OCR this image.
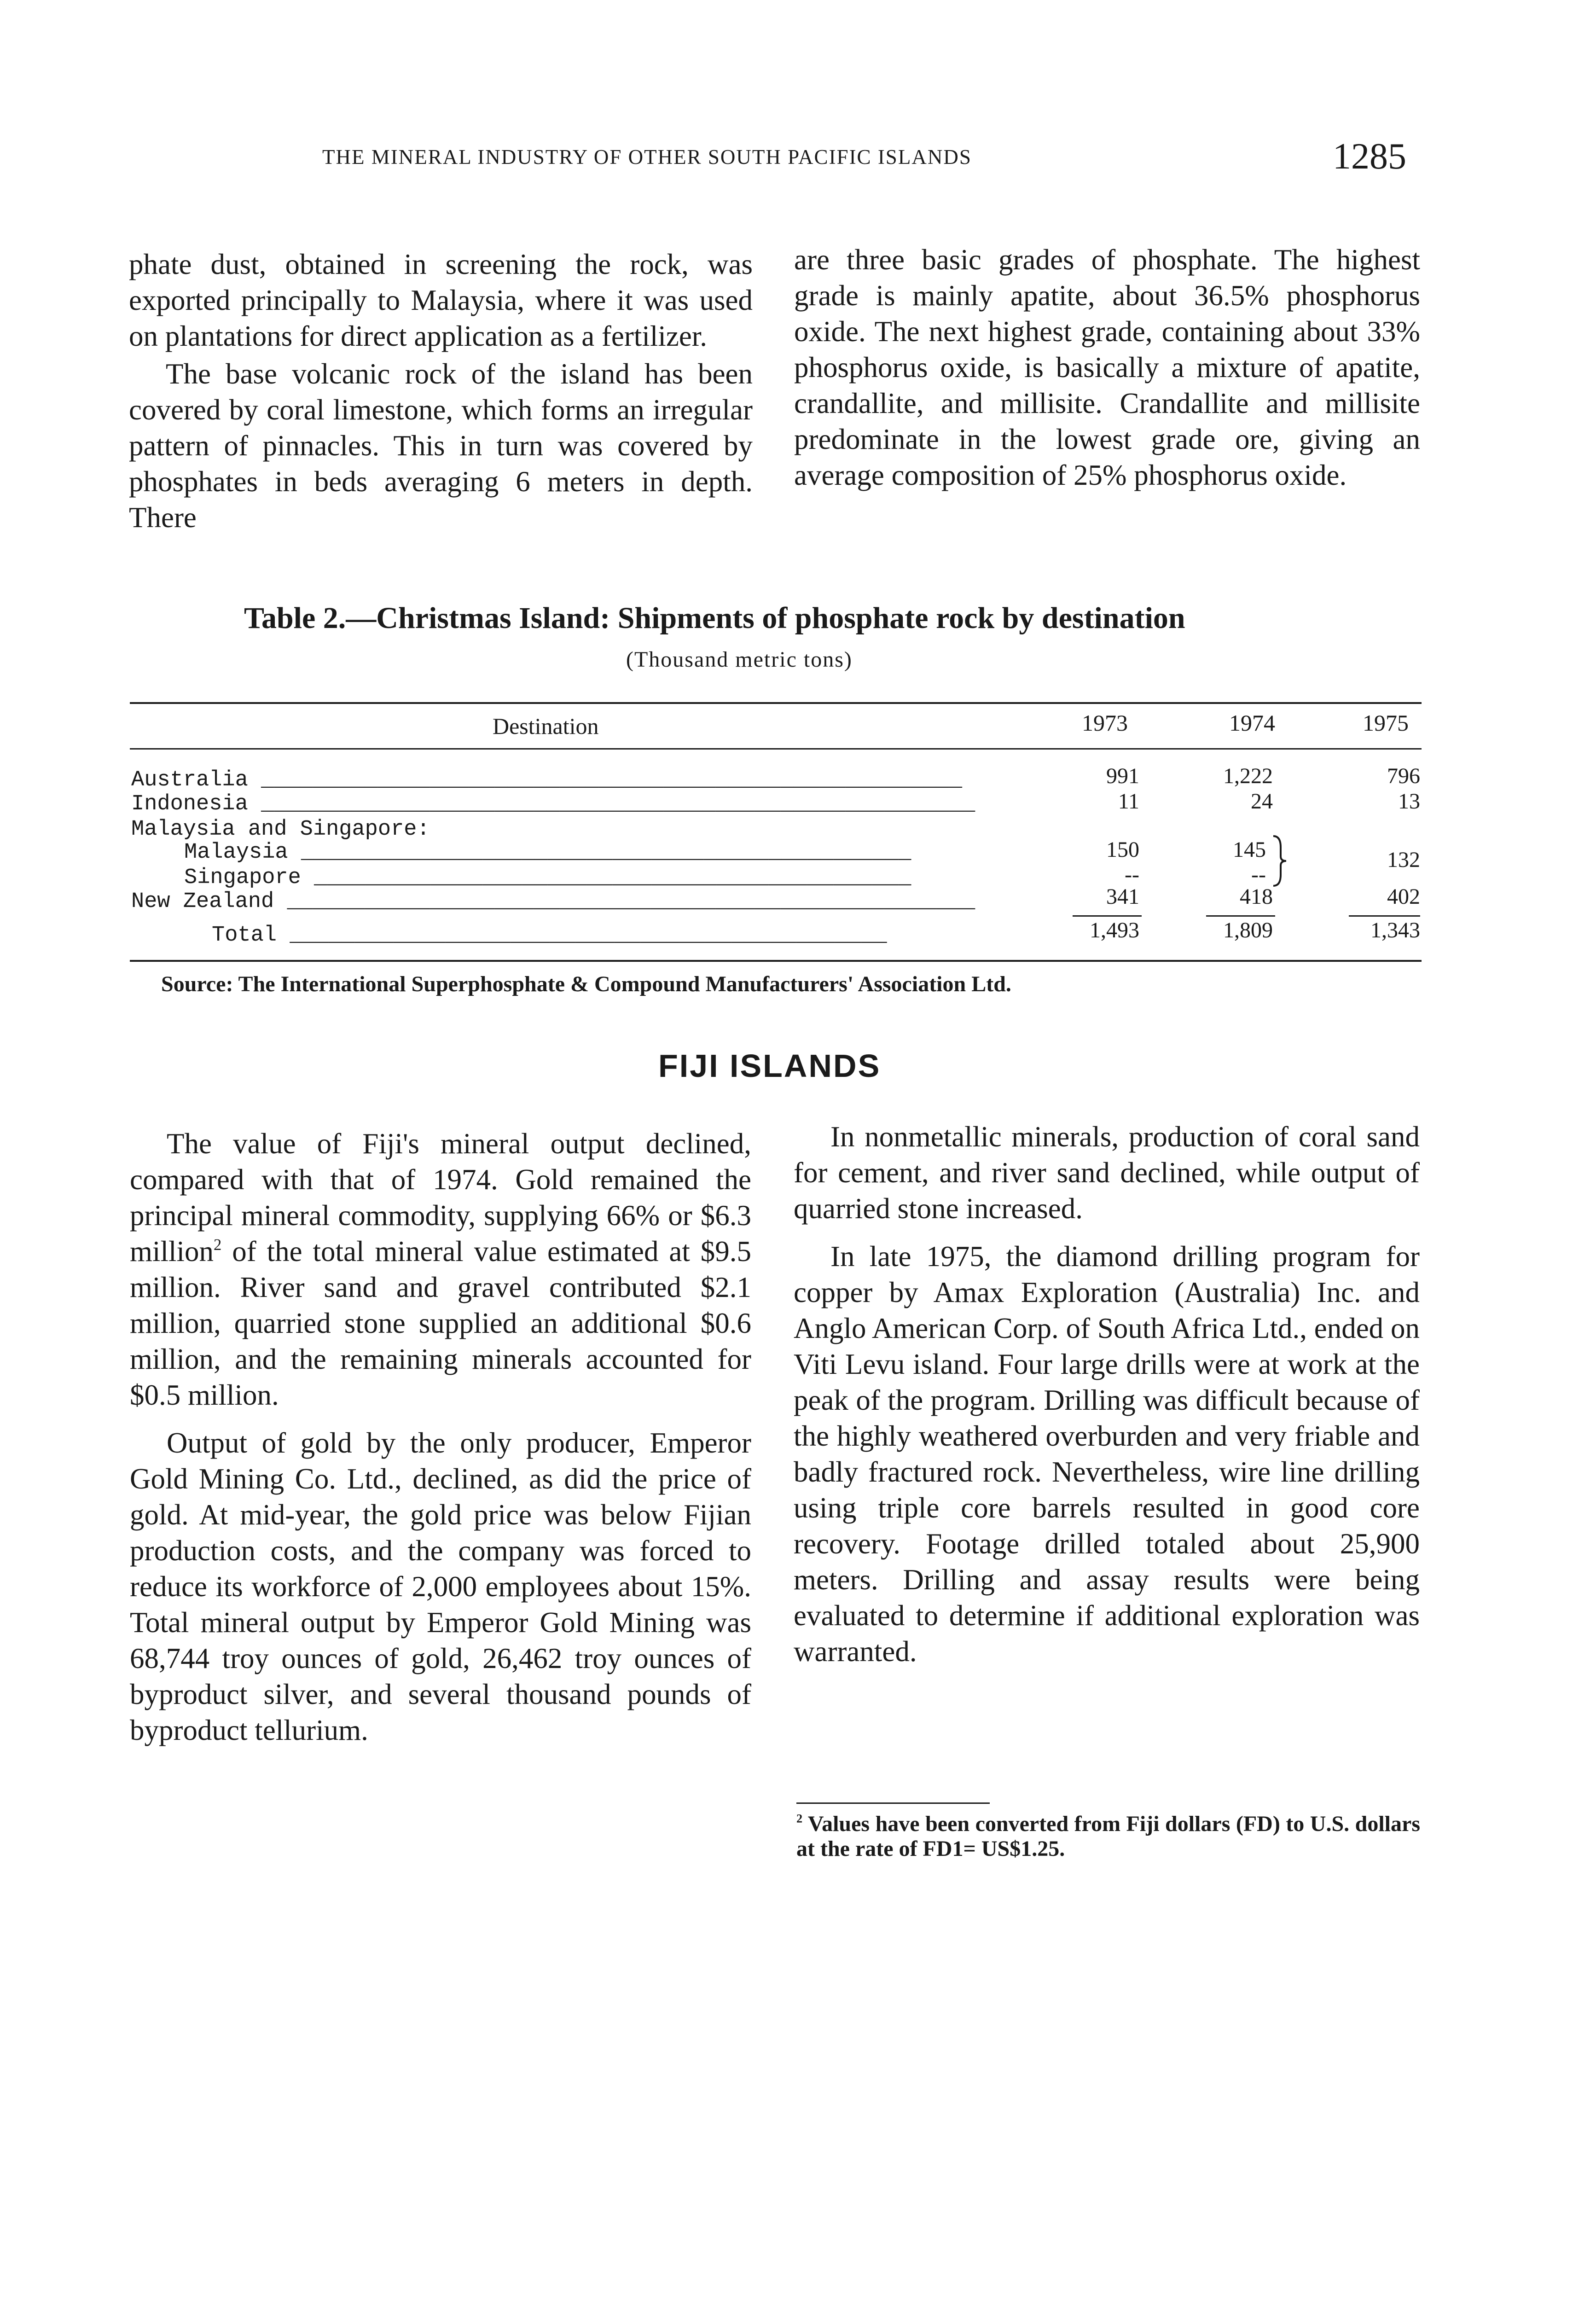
THE MINERAL INDUSTRY OF OTHER SOUTH PACIFIC ISLANDS	1285

phate dust, obtained in screening the rock, was exported principally to Malaysia, where it was used on plantations for direct application as a fertilizer.

The base volcanic rock of the island has been covered by coral limestone, which forms an irregular pattern of pinnacles. This in turn was covered by phosphates in beds averaging 6 meters in depth. There

are three basic grades of phosphate. The highest grade is mainly apatite, about 36.5% phosphorus oxide. The next highest grade, containing about 33% phosphorus oxide, is basically a mixture of apatite, crandallite, and millisite. Crandallite and millisite predominate in the lowest grade ore, giving an average composition of 25% phosphorus oxide.

Table 2.—Christmas Island: Shipments of phosphate rock by destination
(Thousand metric tons)
Destination	1973	1974	1975
Australia ______________________________________________________	991	1,222	796
Indonesia _______________________________________________________	11	24	13
Malaysia and Singapore:
Malaysia _______________________________________________	150	145	132
Singapore ______________________________________________	--	--
New Zealand _____________________________________________________	341	418	402
Total ______________________________________________	1,493	1,809	1,343
Source: The International Superphosphate & Compound Manufacturers' Association Ltd.
FIJI ISLANDS

The value of Fiji's mineral output declined, compared with that of 1974. Gold remained the principal mineral commodity, supplying 66% or $6.3 million$^2$ of the total mineral value estimated at $9.5 million. River sand and gravel contributed $2.1 million, quarried stone supplied an additional $0.6 million, and the remaining minerals accounted for $0.5 million.

Output of gold by the only producer, Emperor Gold Mining Co. Ltd., declined, as did the price of gold. At mid-year, the gold price was below Fijian production costs, and the company was forced to reduce its workforce of 2,000 employees about 15%. Total mineral output by Emperor Gold Mining was 68,744 troy ounces of gold, 26,462 troy ounces of byproduct silver, and several thousand pounds of byproduct tellurium.

In nonmetallic minerals, production of coral sand for cement, and river sand declined, while output of quarried stone increased.

In late 1975, the diamond drilling program for copper by Amax Exploration (Australia) Inc. and Anglo American Corp. of South Africa Ltd., ended on Viti Levu island. Four large drills were at work at the peak of the program. Drilling was difficult because of the highly weathered overburden and very friable and badly fractured rock. Nevertheless, wire line drilling using triple core barrels resulted in good core recovery. Footage drilled totaled about 25,900 meters. Drilling and assay results were being evaluated to determine if additional exploration was warranted.

$^2$ Values have been converted from Fiji dollars (FD) to U.S. dollars at the rate of FD1= US$1.25.
